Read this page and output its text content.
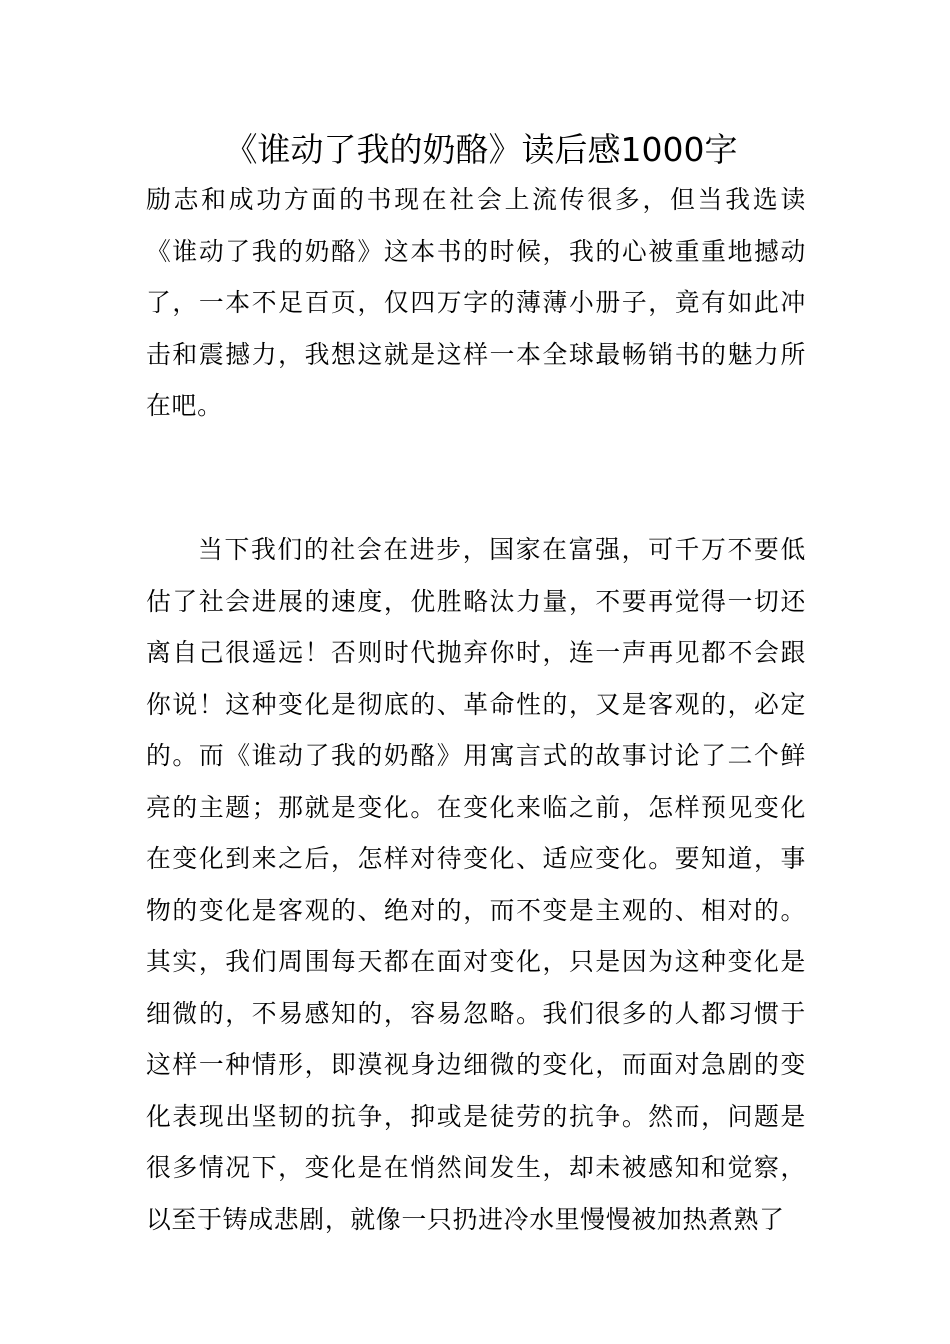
《谁动了我的奶酪》读后感1000字

励志和成功方面的书现在社会上流传很多，但当我选读《谁动了我的奶酪》这本书的时候，我的心被重重地撼动了，一本不足百页，仅四万字的薄薄小册子，竟有如此冲击和震撼力，我想这就是这样一本全球最畅销书的魅力所在吧。

当下我们的社会在进步，国家在富强，可千万不要低估了社会进展的速度，优胜略汰力量，不要再觉得一切还离自己很遥远！否则时代抛弃你时，连一声再见都不会跟你说！这种变化是彻底的、革命性的，又是客观的，必定的。而《谁动了我的奶酪》用寓言式的故事讨论了二个鲜亮的主题；那就是变化。在变化来临之前，怎样预见变化在变化到来之后，怎样对待变化、适应变化。要知道，事物的变化是客观的、绝对的，而不变是主观的、相对的。其实，我们周围每天都在面对变化，只是因为这种变化是细微的，不易感知的，容易忽略。我们很多的人都习惯于这样一种情形，即漠视身边细微的变化，而面对急剧的变化表现出坚韧的抗争，抑或是徒劳的抗争。然而，问题是很多情况下，变化是在悄然间发生，却未被感知和觉察，以至于铸成悲剧，就像一只扔进冷水里慢慢被加热煮熟了
